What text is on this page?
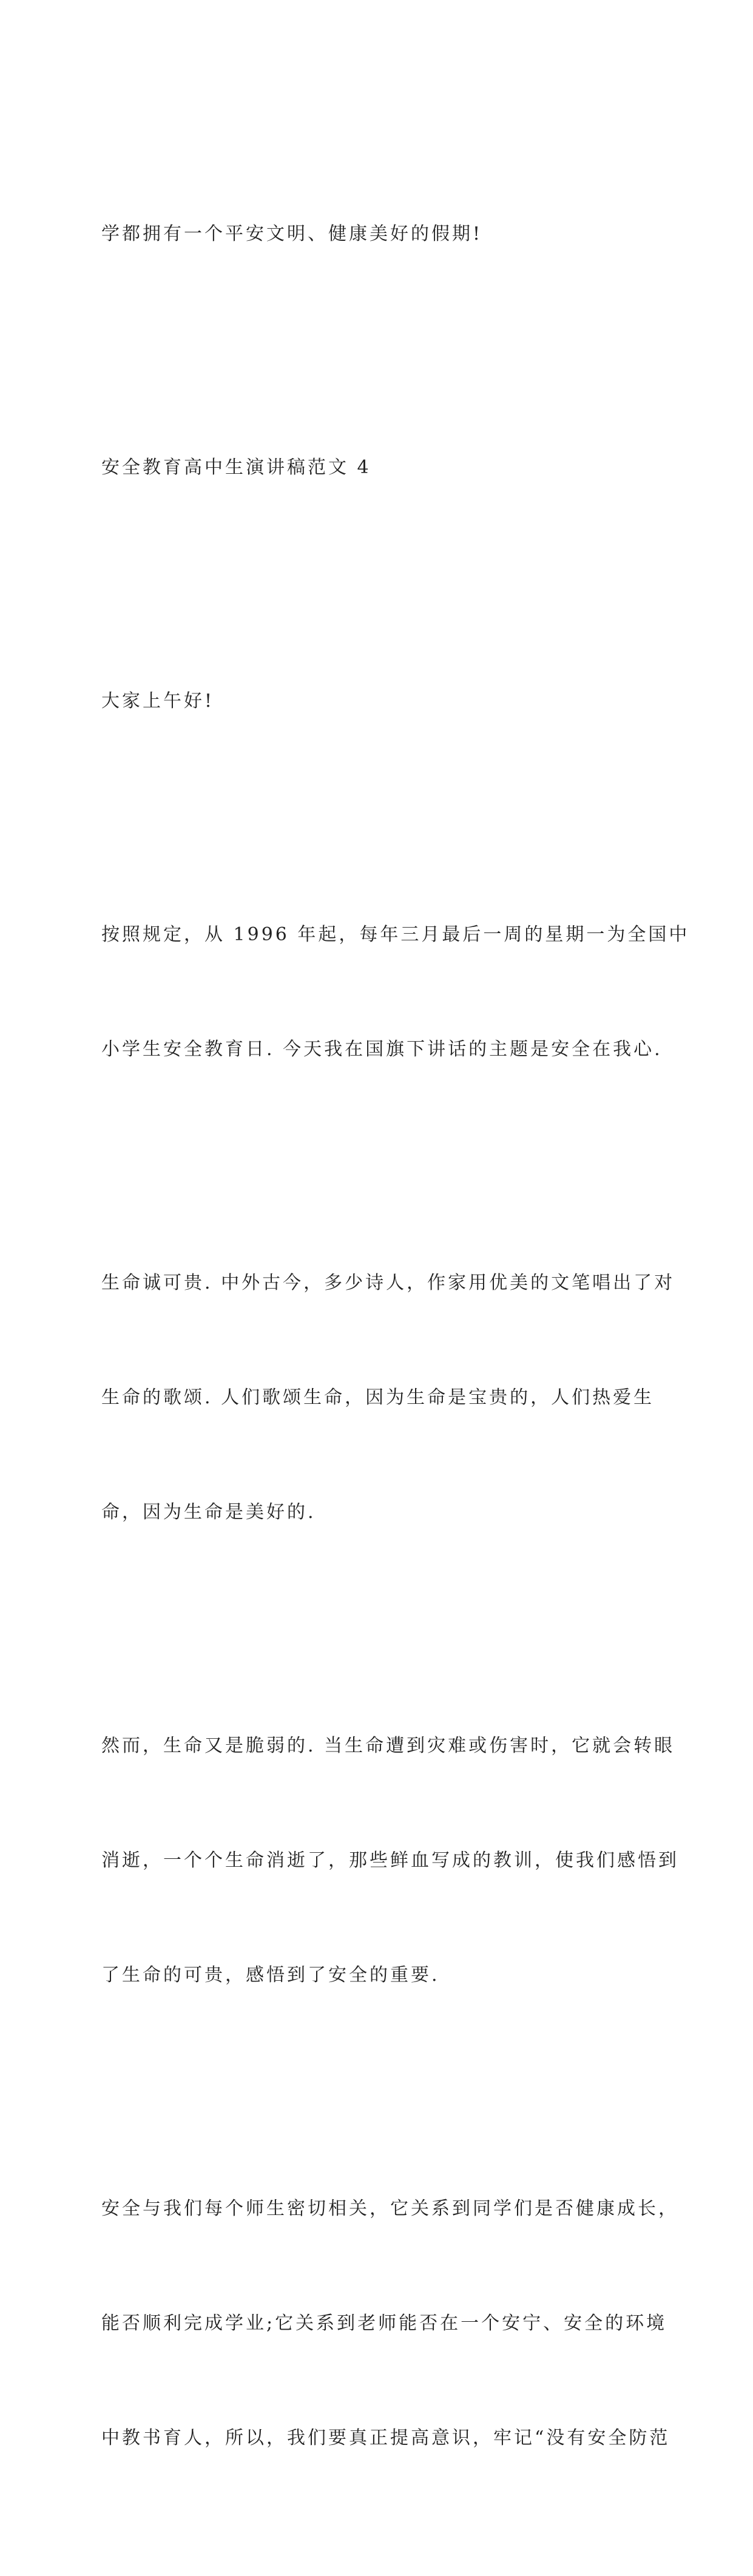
学都拥有一个平安文明、健康美好的假期!

安全教育高中生演讲稿范文 4

大家上午好!

按照规定，从 1996 年起，每年三月最后一周的星期一为全国中

小学生安全教育日. 今天我在国旗下讲话的主题是安全在我心.

生命诚可贵. 中外古今，多少诗人，作家用优美的文笔唱出了对

生命的歌颂. 人们歌颂生命，因为生命是宝贵的，人们热爱生

命，因为生命是美好的.

然而，生命又是脆弱的. 当生命遭到灾难或伤害时，它就会转眼

消逝，一个个生命消逝了，那些鲜血写成的教训，使我们感悟到

了生命的可贵，感悟到了安全的重要.

安全与我们每个师生密切相关，它关系到同学们是否健康成长，

能否顺利完成学业;它关系到老师能否在一个安宁、安全的环境

中教书育人，所以，我们要真正提高意识，牢记“没有安全防范
